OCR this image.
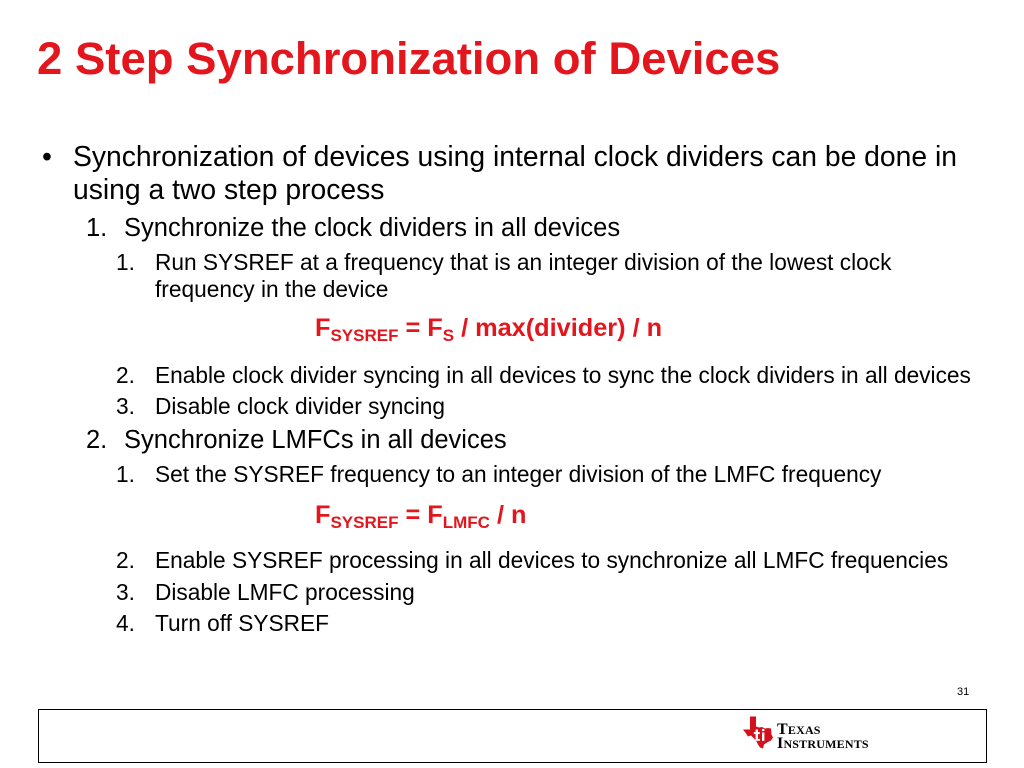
2 Step Synchronization of Devices
• Synchronization of devices using internal clock dividers can be done in using a two step process
1. Synchronize the clock dividers in all devices
1. Run SYSREF at a frequency that is an integer division of the lowest clock frequency in the device
FSYSREF = FS / max(divider) / n
2. Enable clock divider syncing in all devices to sync the clock dividers in all devices
3. Disable clock divider syncing
2. Synchronize LMFCs in all devices
1. Set the SYSREF frequency to an integer division of the LMFC frequency
FSYSREF = FLMFC / n
2. Enable SYSREF processing in all devices to synchronize all LMFC frequencies
3. Disable LMFC processing
4. Turn off SYSREF
31
TEXAS
INSTRUMENTS
